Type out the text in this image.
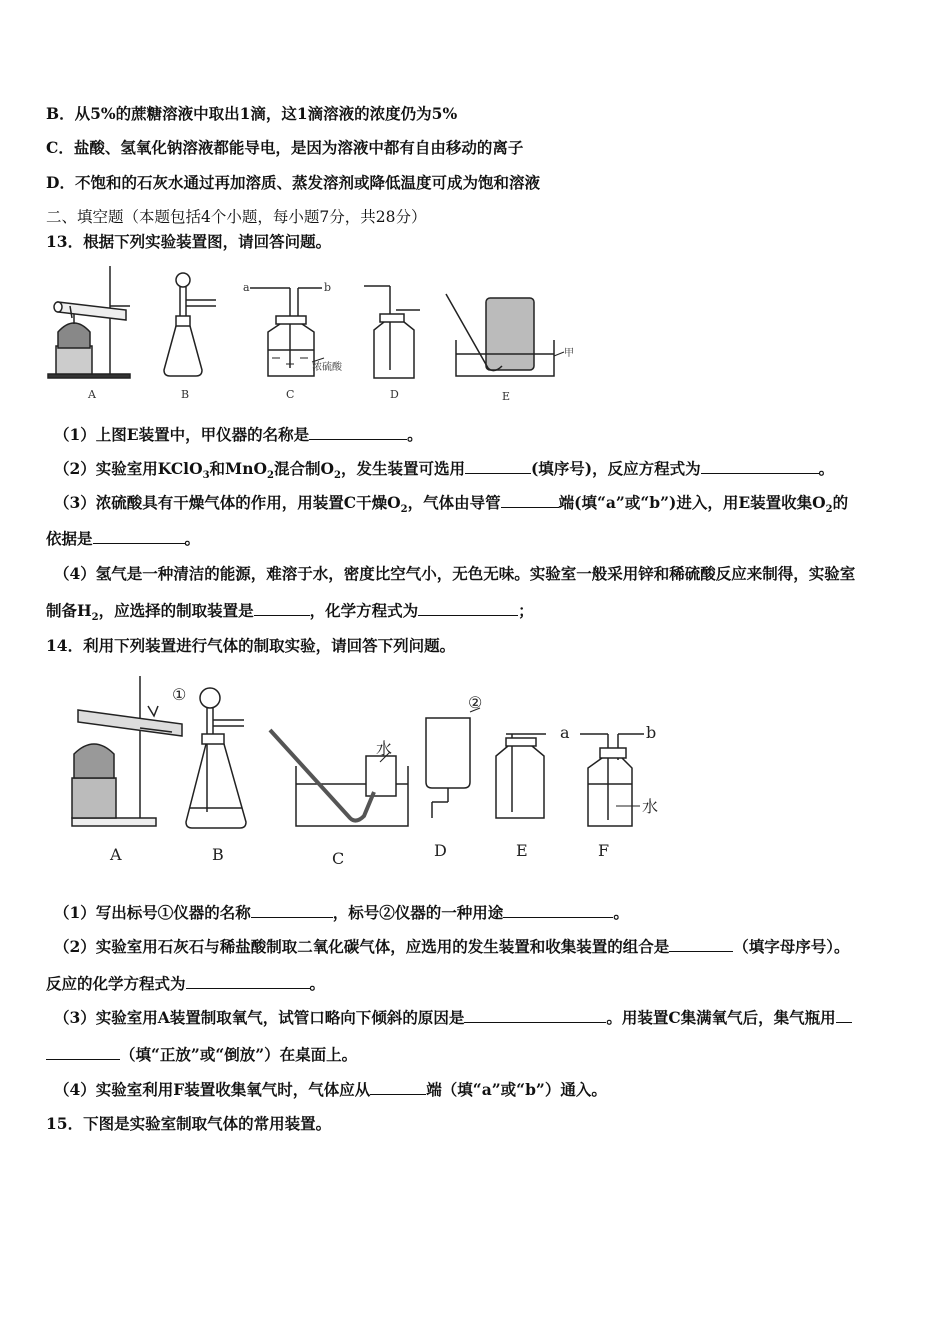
B．从5%的蔗糖溶液中取出1滴，这1滴溶液的浓度仍为5%
C．盐酸、氢氧化钠溶液都能导电，是因为溶液中都有自由移动的离子
D．不饱和的石灰水通过再加溶质、蒸发溶剂或降低温度可成为饱和溶液
二、填空题（本题包括4个小题，每小题7分，共28分）
13．根据下列实验装置图，请回答问题。
A	B	C	D	E
a	b
浓硫酸
甲
（1）上图E装置中，甲仪器的名称是	。
（2）实验室用KClO$_3$和MnO$_2$混合制$O_2$，发生装置可选用	(填序号)，反应方程式为	。
（3）浓硫酸具有干燥气体的作用，用装置C干燥$O_2$，气体由导管	端(填“a”或“b”)进入，用E装置收集$O_2$的
依据是	。
（4）氢气是一种清洁的能源，难溶于水，密度比空气小，无色无味。实验室一般采用锌和稀硫酸反应来制得，实验室
制备$H_2$，应选择的制取装置是	，化学方程式为	；
14．利用下列装置进行气体的制取实验，请回答下列问题。
A	B	C	D	E	F
①	②
a	b
水
水
（1）写出标号①仪器的名称	，标号②仪器的一种用途	。
（2）实验室用石灰石与稀盐酸制取二氧化碳气体，应选用的发生装置和收集装置的组合是	（填字母序号）。
反应的化学方程式为	。
（3）实验室用A装置制取氧气，试管口略向下倾斜的原因是	。用装置C集满氧气后，集气瓶用
（填“正放”或“倒放”）在桌面上。
（4）实验室利用F装置收集氧气时，气体应从	端（填“a”或“b”）通入。
15．下图是实验室制取气体的常用装置。
